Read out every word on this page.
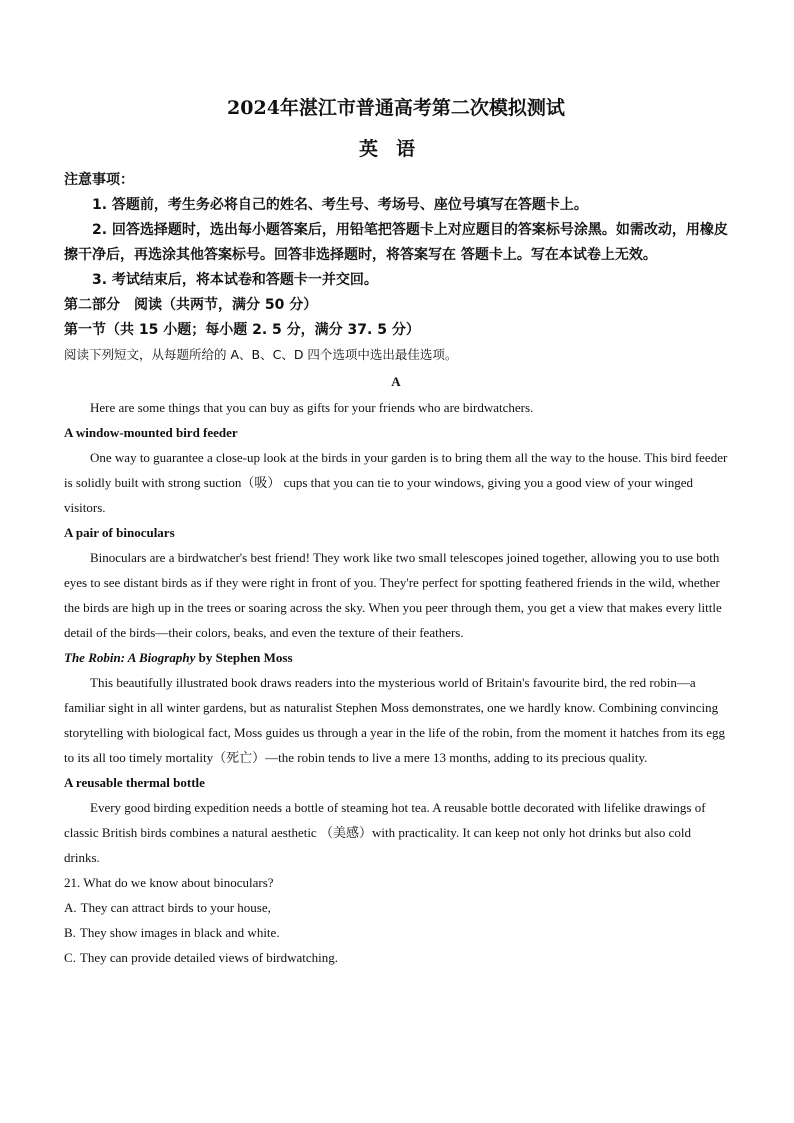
2024年湛江市普通高考第二次模拟测试
英语

注意事项：

1. 答题前，考生务必将自己的姓名、考生号、考场号、座位号填写在答题卡上。

2. 回答选择题时，选出每小题答案后，用铅笔把答题卡上对应题目的答案标号涂黑。如需改动，用橡皮擦干净后，再选涂其他答案标号。回答非选择题时，将答案写在 答题卡上。写在本试卷上无效。

3. 考试结束后，将本试卷和答题卡一并交回。

第二部分　阅读（共两节，满分 50 分）

第一节（共 15 小题；每小题 2. 5 分，满分 37. 5 分）

阅读下列短文，从每题所给的 A、B、C、D 四个选项中选出最佳选项。

A

Here are some things that you can buy as gifts for your friends who are birdwatchers.

A window-mounted bird feeder

One way to guarantee a close-up look at the birds in your garden is to bring them all the way to the house. This bird feeder is solidly built with strong suction（吸） cups that you can tie to your windows, giving you a good view of your winged visitors.

A pair of binoculars

Binoculars are a birdwatcher's best friend! They work like two small telescopes joined together, allowing you to use both eyes to see distant birds as if they were right in front of you. They're perfect for spotting feathered friends in the wild, whether the birds are high up in the trees or soaring across the sky. When you peer through them, you get a view that makes every little detail of the birds—their colors, beaks, and even the texture of their feathers.

The Robin: A Biography by Stephen Moss

This beautifully illustrated book draws readers into the mysterious world of Britain's favourite bird, the red robin—a familiar sight in all winter gardens, but as naturalist Stephen Moss demonstrates, one we hardly know. Combining convincing storytelling with biological fact, Moss guides us through a year in the life of the robin, from the moment it hatches from its egg to its all too timely mortality（死亡）—the robin tends to live a mere 13 months, adding to its precious quality.

A reusable thermal bottle

Every good birding expedition needs a bottle of steaming hot tea. A reusable bottle decorated with lifelike drawings of classic British birds combines a natural aesthetic （美感）with practicality. It can keep not only hot drinks but also cold drinks.

21. What do we know about binoculars?

A. They can attract birds to your house,

B. They show images in black and white.

C. They can provide detailed views of birdwatching.
